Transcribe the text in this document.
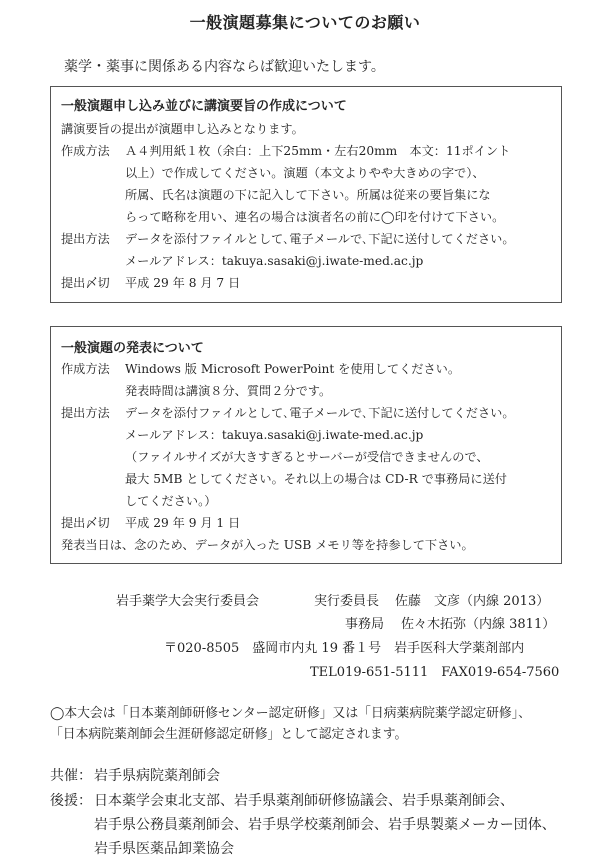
一般演題募集についてのお願い
薬学・薬事に関係ある内容ならば歓迎いたします。
一般演題申し込み並びに講演要旨の作成について
講演要旨の提出が演題申し込みとなります。
作成方法 Ａ４判用紙１枚（余白：上下25mm・左右20mm　本文：11ポイント
以上）で作成してください。演題（本文よりやや大きめの字で）、
所属、氏名は演題の下に記入して下さい。所属は従来の要旨集にな
らって略称を用い、連名の場合は演者名の前に◯印を付けて下さい。
提出方法 データを添付ファイルとして､電子メールで､下記に送付してください。
メールアドレス：takuya.sasaki@j.iwate-med.ac.jp
提出〆切 平成 29 年 8 月 7 日
一般演題の発表について
作成方法 Windows 版 Microsoft PowerPoint を使用してください。
発表時間は講演８分、質問２分です。
提出方法 データを添付ファイルとして､電子メールで､下記に送付してください。
メールアドレス：takuya.sasaki@j.iwate-med.ac.jp
（ファイルサイズが大きすぎるとサーバーが受信できませんので、
最大 5MB としてください。それ以上の場合は CD-R で事務局に送付
してください。）
提出〆切 平成 29 年 9 月 1 日
発表当日は、念のため、データが入った USB メモリ等を持参して下さい。
岩手薬学大会実行委員会	実行委員長 佐藤　文彦（内線 2013）
事務局 佐々木拓弥（内線 3811）
〒020-8505　盛岡市内丸 19 番１号　岩手医科大学薬剤部内
TEL019-651-5111　FAX019-654-7560
◯本大会は「日本薬剤師研修センター認定研修」又は「日病薬病院薬学認定研修」、
「日本病院薬剤師会生涯研修認定研修」として認定されます。
共催： 岩手県病院薬剤師会
後援： 日本薬学会東北支部、岩手県薬剤師研修協議会、岩手県薬剤師会、
岩手県公務員薬剤師会、岩手県学校薬剤師会、岩手県製薬メーカー団体、
岩手県医薬品卸業協会
